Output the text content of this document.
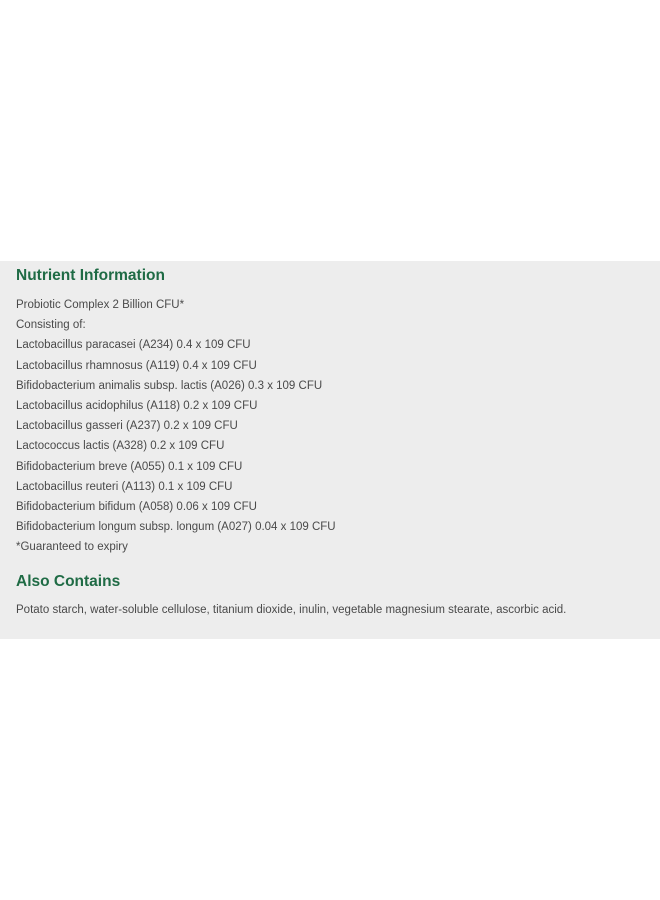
Nutrient Information
Probiotic Complex 2 Billion CFU*
Consisting of:
Lactobacillus paracasei (A234) 0.4 x 109 CFU
Lactobacillus rhamnosus (A119) 0.4 x 109 CFU
Bifidobacterium animalis subsp. lactis (A026) 0.3 x 109 CFU
Lactobacillus acidophilus (A118) 0.2 x 109 CFU
Lactobacillus gasseri (A237) 0.2 x 109 CFU
Lactococcus lactis (A328) 0.2 x 109 CFU
Bifidobacterium breve (A055) 0.1 x 109 CFU
Lactobacillus reuteri (A113) 0.1 x 109 CFU
Bifidobacterium bifidum (A058) 0.06 x 109 CFU
Bifidobacterium longum subsp. longum (A027) 0.04 x 109 CFU
*Guaranteed to expiry
Also Contains
Potato starch, water-soluble cellulose, titanium dioxide, inulin, vegetable magnesium stearate, ascorbic acid.
